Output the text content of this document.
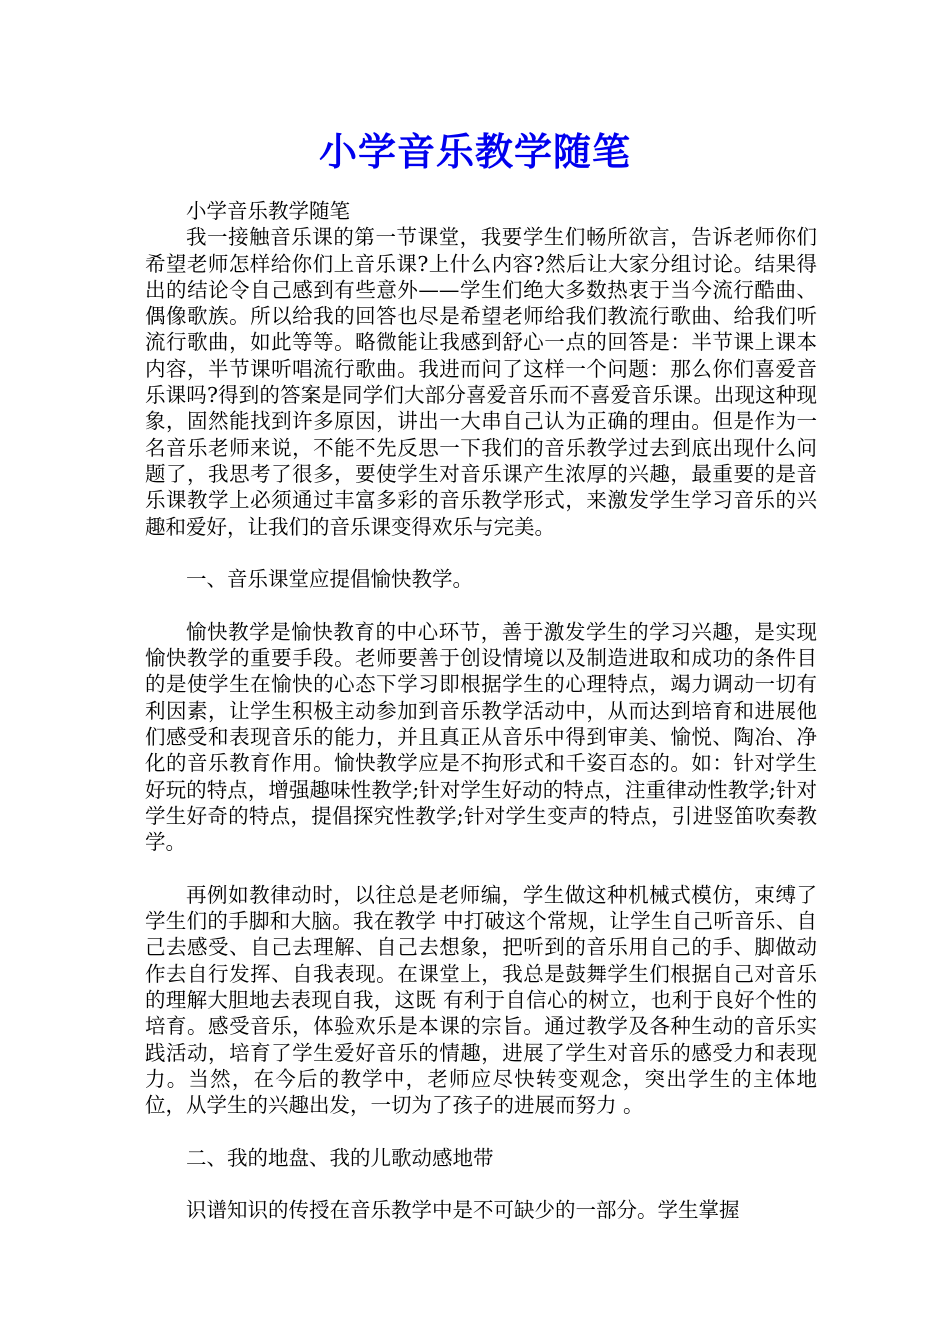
小学音乐教学随笔

小学音乐教学随笔

我一接触音乐课的第一节课堂，我要学生们畅所欲言，告诉老师你们希望老师怎样给你们上音乐课?上什么内容?然后让大家分组讨论。结果得出的结论令自己感到有些意外——学生们绝大多数热衷于当今流行酷曲、偶像歌族。所以给我的回答也尽是希望老师给我们教流行歌曲、给我们听流行歌曲，如此等等。略微能让我感到舒心一点的回答是：半节课上课本内容，半节课听唱流行歌曲。我进而问了这样一个问题：那么你们喜爱音乐课吗?得到的答案是同学们大部分喜爱音乐而不喜爱音乐课。出现这种现象，固然能找到许多原因，讲出一大串自己认为正确的理由。但是作为一名音乐老师来说，不能不先反思一下我们的音乐教学过去到底出现什么问题了，我思考了很多，要使学生对音乐课产生浓厚的兴趣，最重要的是音乐课教学上必须通过丰富多彩的音乐教学形式，来激发学生学习音乐的兴趣和爱好，让我们的音乐课变得欢乐与完美。

一、音乐课堂应提倡愉快教学。

愉快教学是愉快教育的中心环节，善于激发学生的学习兴趣，是实现愉快教学的重要手段。老师要善于创设情境以及制造进取和成功的条件目的是使学生在愉快的心态下学习即根据学生的心理特点，竭力调动一切有利因素，让学生积极主动参加到音乐教学活动中，从而达到培育和进展他们感受和表现音乐的能力，并且真正从音乐中得到审美、愉悦、陶冶、净化的音乐教育作用。愉快教学应是不拘形式和千姿百态的。如：针对学生好玩的特点，增强趣味性教学;针对学生好动的特点，注重律动性教学;针对学生好奇的特点，提倡探究性教学;针对学生变声的特点，引进竖笛吹奏教学。

再例如教律动时，以往总是老师编，学生做这种机械式模仿，束缚了学生们的手脚和大脑。我在教学 中打破这个常规，让学生自己听音乐、自己去感受、自己去理解、自己去想象，把听到的音乐用自己的手、脚做动作去自行发挥、自我表现。在课堂上，我总是鼓舞学生们根据自己对音乐的理解大胆地去表现自我，这既 有利于自信心的树立，也利于良好个性的培育。感受音乐，体验欢乐是本课的宗旨。通过教学及各种生动的音乐实践活动，培育了学生爱好音乐的情趣，进展了学生对音乐的感受力和表现力。当然，在今后的教学中，老师应尽快转变观念，突出学生的主体地位，从学生的兴趣出发，一切为了孩子的进展而努力 。

二、我的地盘、我的儿歌动感地带

识谱知识的传授在音乐教学中是不可缺少的一部分。学生掌握
